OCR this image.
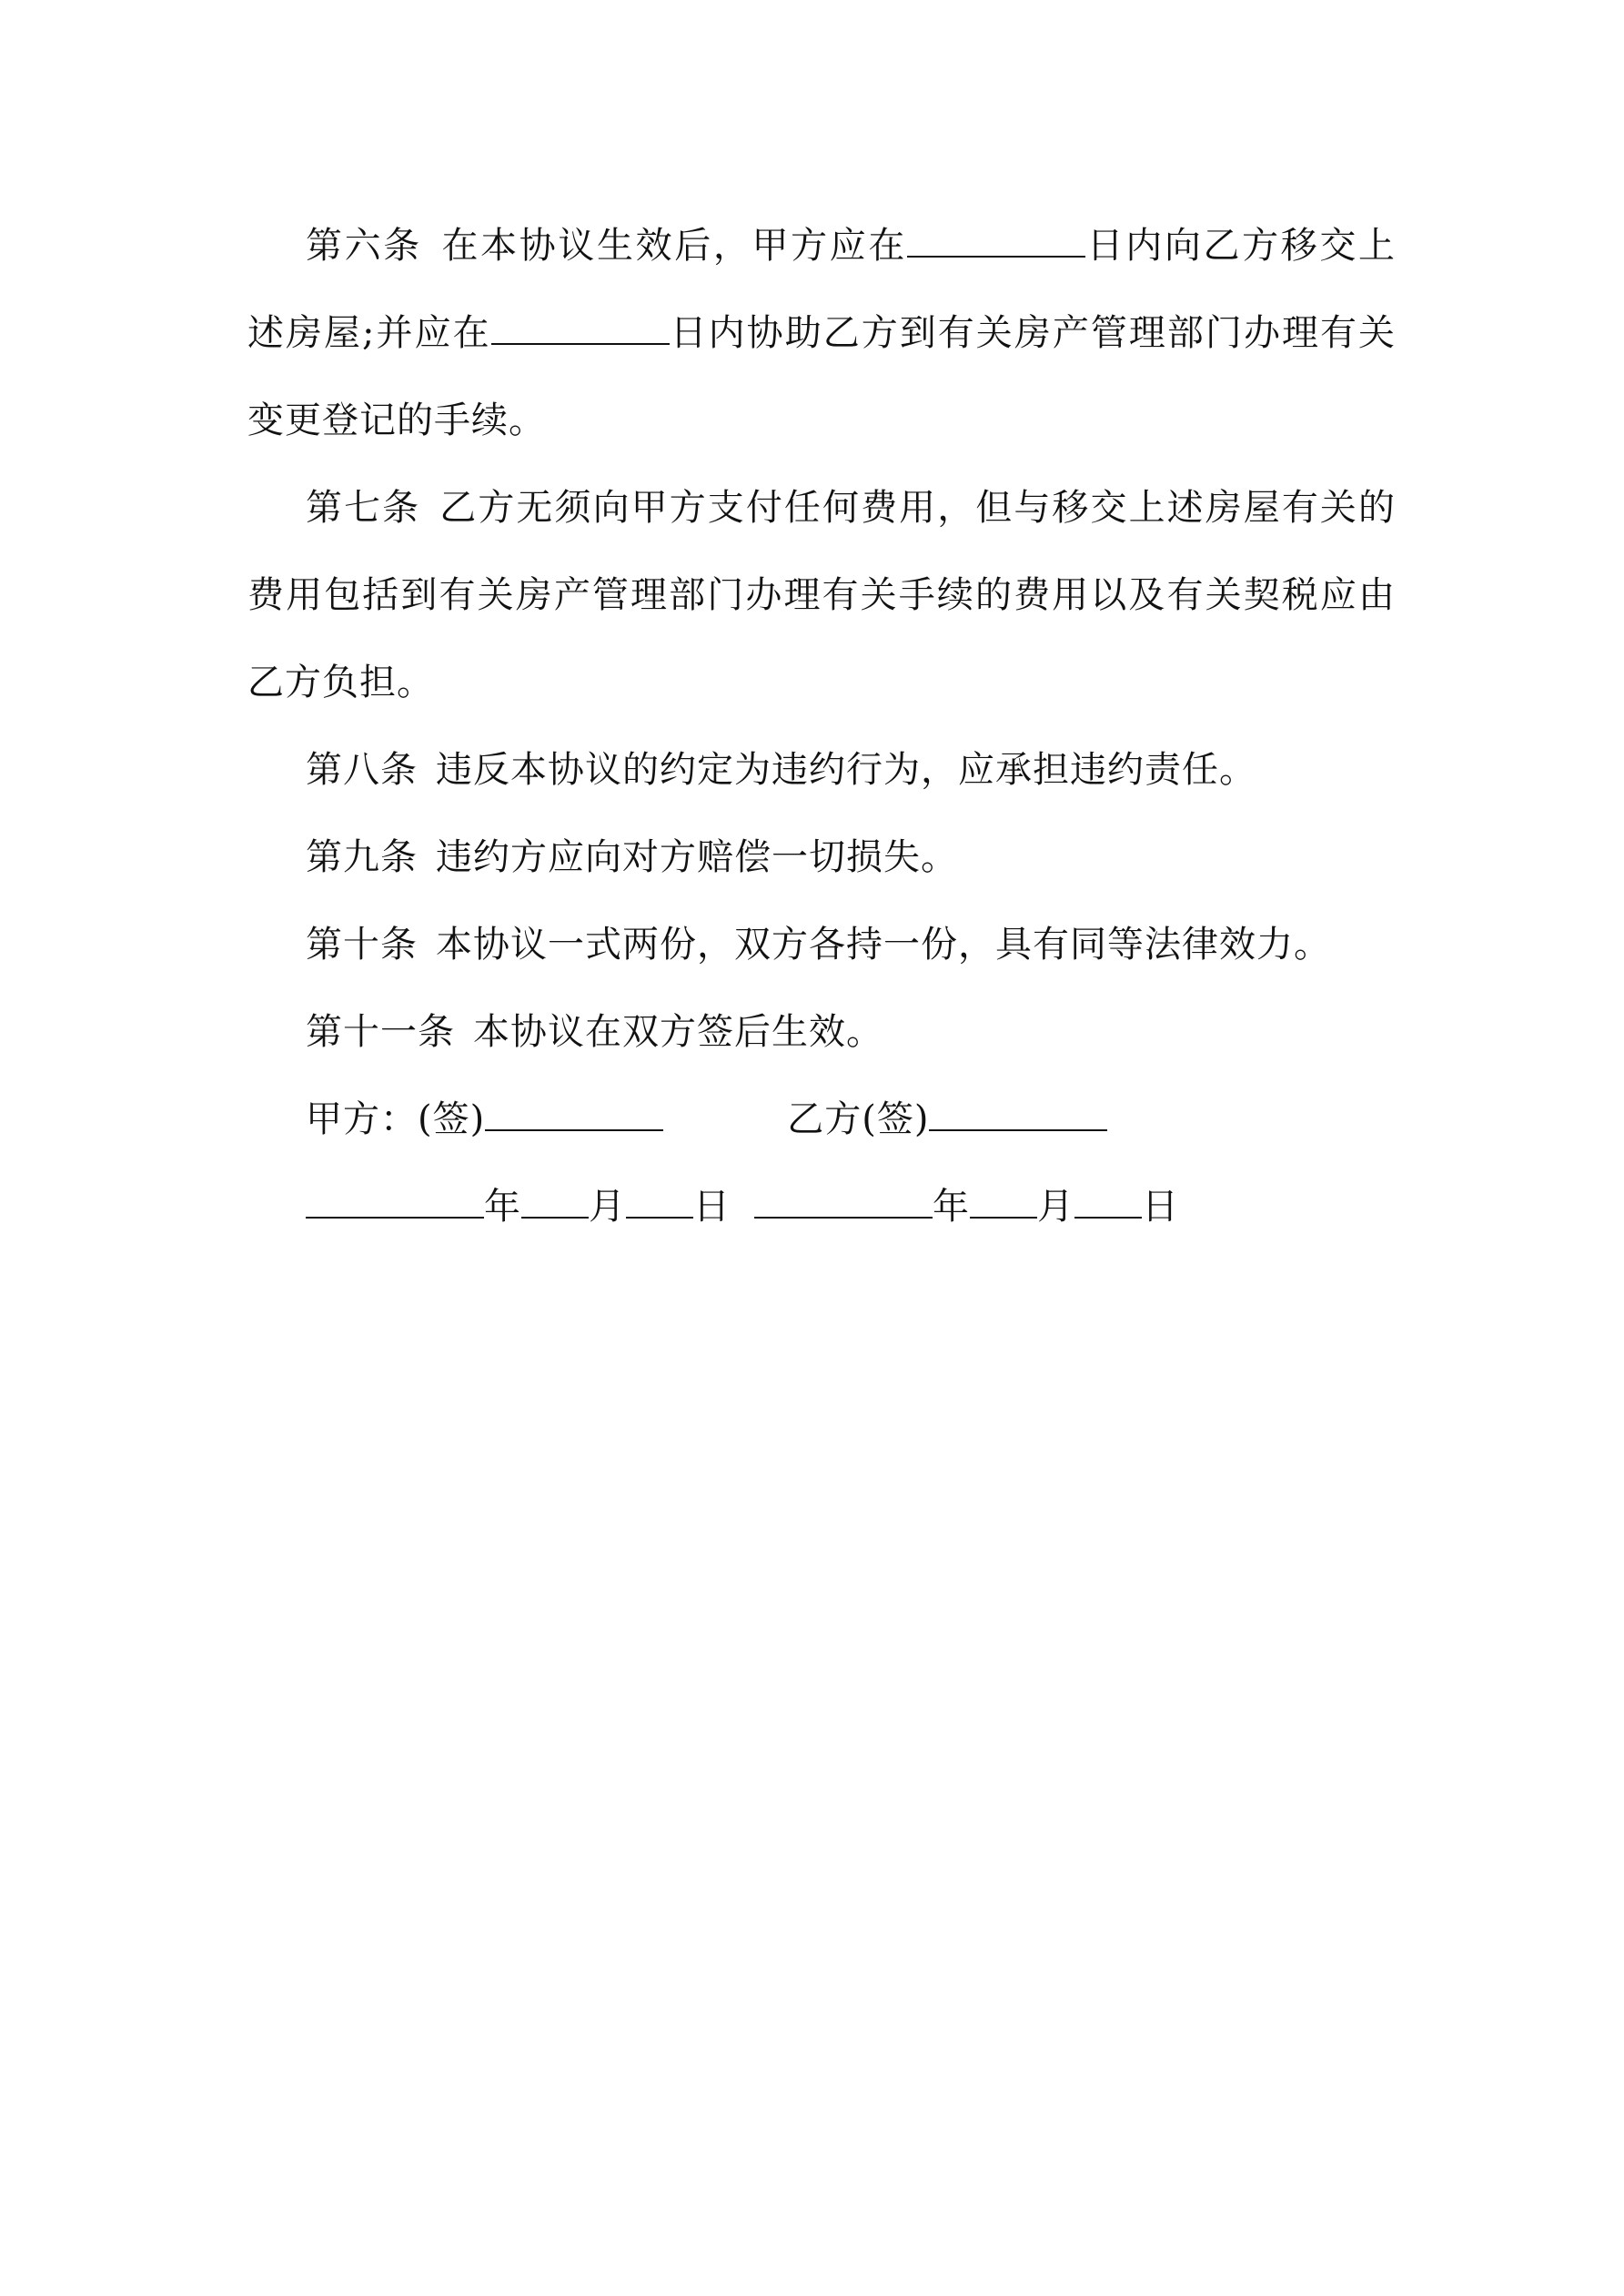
第六条 在本协议生效后，甲方应在	日内向乙方移交上述房屋;并应在	日内协助乙方到有关房产管理部门办理有关变更登记的手续。

第七条 乙方无须向甲方支付任何费用，但与移交上述房屋有关的费用包括到有关房产管理部门办理有关手续的费用以及有关契税应由乙方负担。

第八条 违反本协议的约定为违约行为，应承担违约责任。

第九条 违约方应向对方赔偿一切损失。

第十条 本协议一式两份，双方各持一份，具有同等法律效力。

第十一条 本协议在双方签后生效。

甲方：(签)	乙方(签)

年 月 日	年 月 日
